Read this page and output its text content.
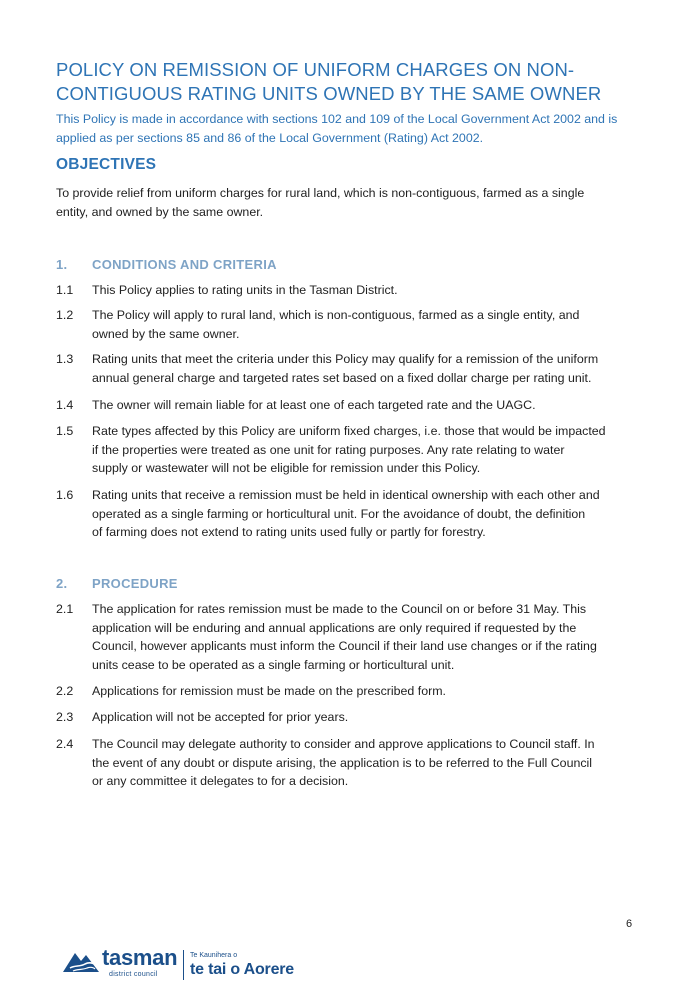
POLICY ON REMISSION OF UNIFORM CHARGES ON NON-
CONTIGUOUS RATING UNITS OWNED BY THE SAME OWNER
This Policy is made in accordance with sections 102 and 109 of the Local Government Act 2002 and is
applied as per sections 85 and 86 of the Local Government (Rating) Act 2002.
OBJECTIVES
To provide relief from uniform charges for rural land, which is non-contiguous, farmed as a single
entity, and owned by the same owner.
1. CONDITIONS AND CRITERIA
1.1	This Policy applies to rating units in the Tasman District.
1.2	The Policy will apply to rural land, which is non-contiguous, farmed as a single entity, and
owned by the same owner.
1.3	Rating units that meet the criteria under this Policy may qualify for a remission of the uniform
annual general charge and targeted rates set based on a fixed dollar charge per rating unit.
1.4	The owner will remain liable for at least one of each targeted rate and the UAGC.
1.5	Rate types affected by this Policy are uniform fixed charges, i.e. those that would be impacted
if the properties were treated as one unit for rating purposes. Any rate relating to water
supply or wastewater will not be eligible for remission under this Policy.
1.6	Rating units that receive a remission must be held in identical ownership with each other and
operated as a single farming or horticultural unit. For the avoidance of doubt, the definition
of farming does not extend to rating units used fully or partly for forestry.
2. PROCEDURE
2.1	The application for rates remission must be made to the Council on or before 31 May. This
application will be enduring and annual applications are only required if requested by the
Council, however applicants must inform the Council if their land use changes or if the rating
units cease to be operated as a single farming or horticultural unit.
2.2	Applications for remission must be made on the prescribed form.
2.3	Application will not be accepted for prior years.
2.4	The Council may delegate authority to consider and approve applications to Council staff. In
the event of any doubt or dispute arising, the application is to be referred to the Full Council
or any committee it delegates to for a decision.
6
tasman
district council
Te Kaunihera o
te tai o Aorere
